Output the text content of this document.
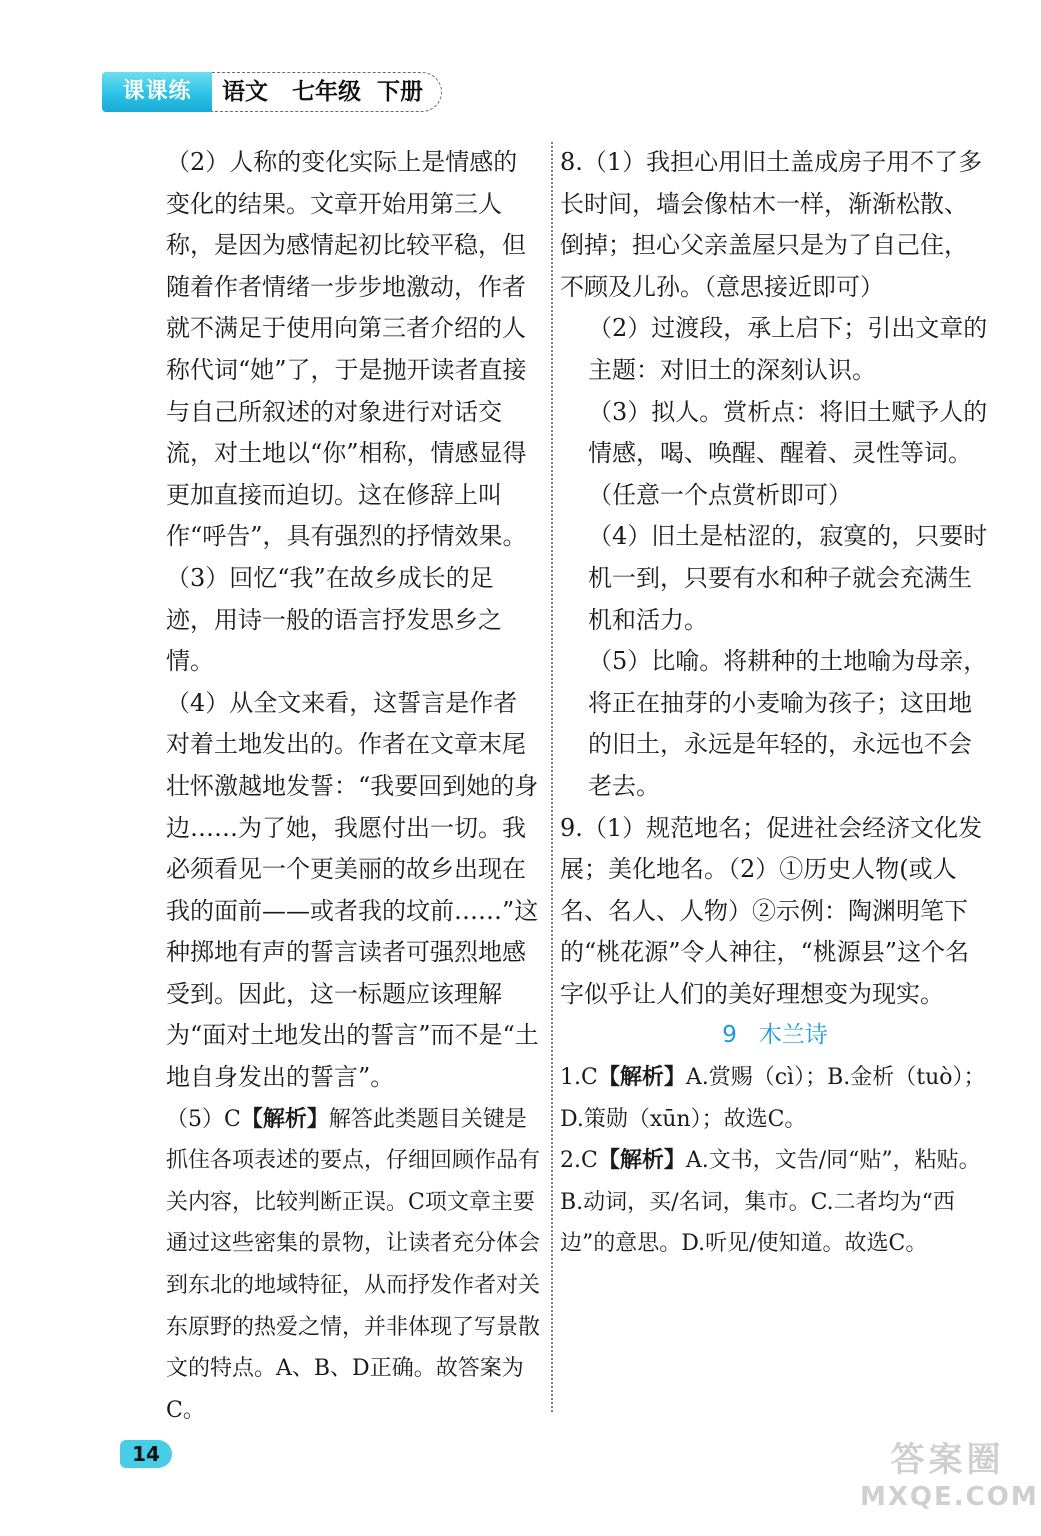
课课练	语文   七年级  下册

（2）人称的变化实际上是情感的变化的结果。文章开始用第三人称，是因为感情起初比较平稳，但随着作者情绪一步步地激动，作者就不满足于使用向第三者介绍的人称代词“她”了，于是抛开读者直接与自己所叙述的对象进行对话交流，对土地以“你”相称，情感显得更加直接而迫切。这在修辞上叫作“呼告”，具有强烈的抒情效果。

（3）回忆“我”在故乡成长的足迹，用诗一般的语言抒发思乡之情。

（4）从全文来看，这誓言是作者对着土地发出的。作者在文章末尾壮怀激越地发誓：“我要回到她的身边……为了她，我愿付出一切。我必须看见一个更美丽的故乡出现在我的面前——或者我的坟前……”这种掷地有声的誓言读者可强烈地感受到。因此，这一标题应该理解为“面对土地发出的誓言”而不是“土地自身发出的誓言”。

（5）C【解析】解答此类题目关键是抓住各项表述的要点，仔细回顾作品有关内容，比较判断正误。C项文章主要通过这些密集的景物，让读者充分体会到东北的地域特征，从而抒发作者对关东原野的热爱之情，并非体现了写景散文的特点。A、B、D正确。故答案为C。

8.（1）我担心用旧土盖成房子用不了多长时间，墙会像枯木一样，渐渐松散、倒掉；担心父亲盖屋只是为了自己住，不顾及儿孙。（意思接近即可）

（2）过渡段，承上启下；引出文章的主题：对旧土的深刻认识。

（3）拟人。赏析点：将旧土赋予人的情感，喝、唤醒、醒着、灵性等词。（任意一个点赏析即可）

（4）旧土是枯涩的，寂寞的，只要时机一到，只要有水和种子就会充满生机和活力。

（5）比喻。将耕种的土地喻为母亲，将正在抽芽的小麦喻为孩子；这田地的旧土，永远是年轻的，永远也不会老去。

9.（1）规范地名；促进社会经济文化发展；美化地名。（2）①历史人物(或人名、名人、人物）②示例：陶渊明笔下的“桃花源”令人神往，“桃源县”这个名字似乎让人们的美好理想变为现实。

9   木兰诗

1.C【解析】A.赏赐（cì）；B.金析（tuò）；D.策勋（xūn）；故选C。

2.C【解析】A.文书，文告/同“贴”，粘贴。B.动词，买/名词，集市。C.二者均为“西边”的意思。D.听见/使知道。故选C。

14	答案圈
MXQE.COM
